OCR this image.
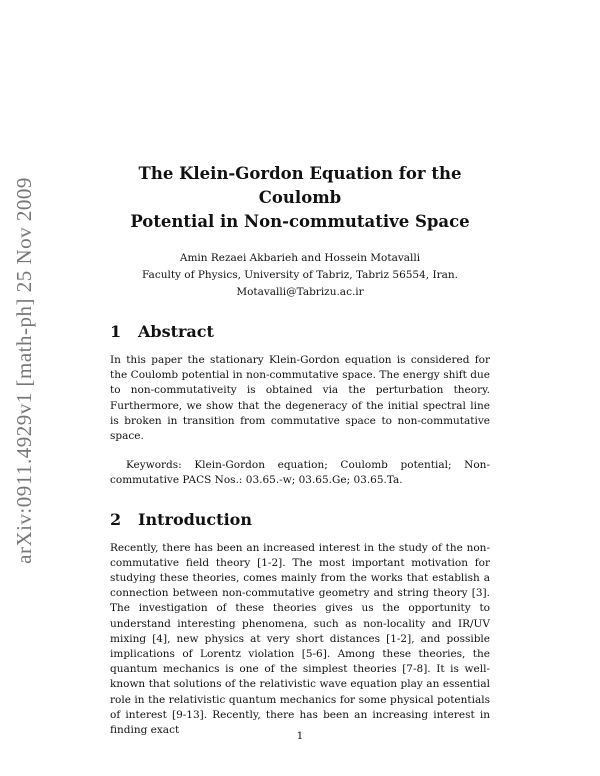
arXiv:0911.4929v1 [math-ph] 25 Nov 2009
The Klein-Gordon Equation for the Coulomb
Potential in Non-commutative Space

Amin Rezaei Akbarieh and Hossein Motavalli

Faculty of Physics, University of Tabriz, Tabriz 56554, Iran.

Motavalli@Tabrizu.ac.ir

1 Abstract

In this paper the stationary Klein-Gordon equation is considered for the Coulomb potential in non-commutative space. The energy shift due to non-commutativeity is obtained via the perturbation theory. Furthermore, we show that the degeneracy of the initial spectral line is broken in transition from commutative space to non-commutative space.

Keywords: Klein-Gordon equation; Coulomb potential; Non-commutative PACS Nos.: 03.65.-w; 03.65.Ge; 03.65.Ta.

2 Introduction

Recently, there has been an increased interest in the study of the non-commutative field theory [1-2]. The most important motivation for studying these theories, comes mainly from the works that establish a connection between non-commutative geometry and string theory [3]. The investigation of these theories gives us the opportunity to understand interesting phenomena, such as non-locality and IR/UV mixing [4], new physics at very short distances [1-2], and possible implications of Lorentz violation [5-6]. Among these theories, the quantum mechanics is one of the simplest theories [7-8]. It is well-known that solutions of the relativistic wave equation play an essential role in the relativistic quantum mechanics for some physical potentials of interest [9-13]. Recently, there has been an increasing interest in finding exact	1
